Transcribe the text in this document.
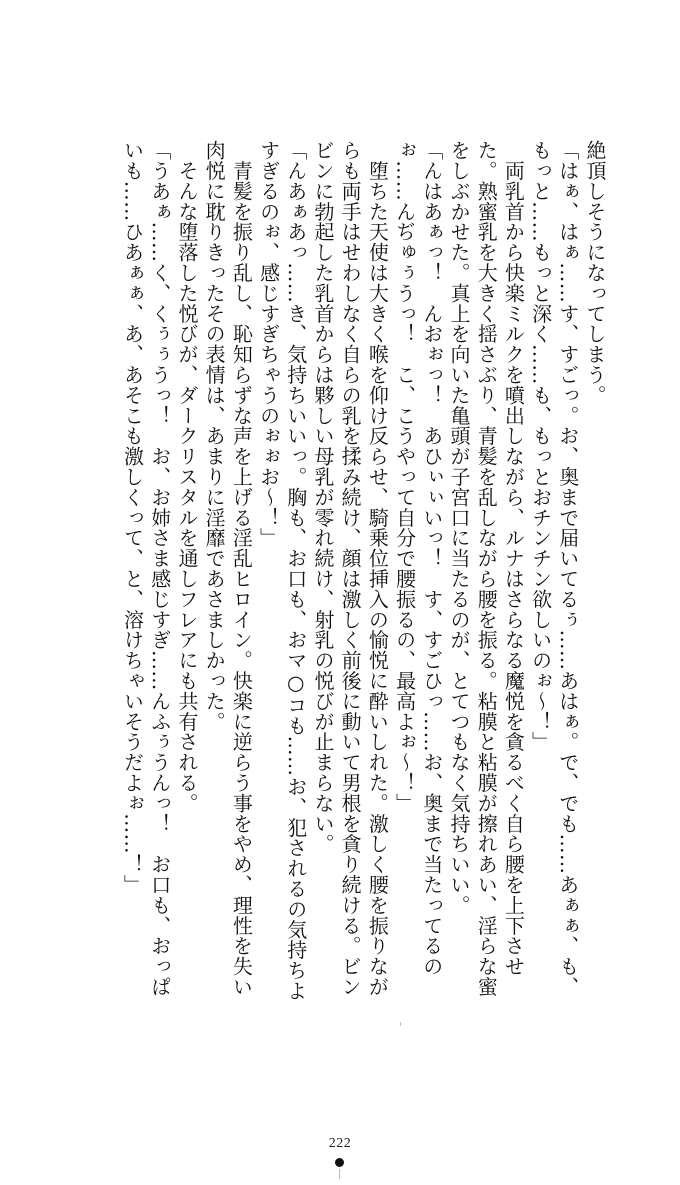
絶頂しそうになってしまう。

「はぁ、はぁ……す、すごっ。お、奥まで届いてるぅ……あはぁ。で、でも……あぁぁ、も、もっと……もっと深く……も、もっとおチンチン欲しいのぉ～！」

　両乳首から快楽ミルクを噴出しながら、ルナはさらなる魔悦を貪るべく自ら腰を上下させた。熟蜜乳を大きく揺さぶり、青髪を乱しながら腰を振る。粘膜と粘膜が擦れあい、淫らな蜜をしぶかせた。真上を向いた亀頭が子宮口に当たるのが、とてつもなく気持ちいい。

「んはあぁっ！　んおぉっ！　あひぃぃいっ！　す、すごひっ……お、奥まで当たってるのぉ……んぢゅぅうっ！　こ、こうやって自分で腰振るの、最高よぉ～！」

　堕ちた天使は大きく喉を仰け反らせ、騎乗位挿入の愉悦に酔いしれた。激しく腰を振りながらも両手はせわしなく自らの乳を揉み続け、顔は激しく前後に動いて男根を貪り続ける。ビンビンに勃起した乳首からは夥しい母乳が零れ続け、射乳の悦びが止まらない。

「んあぁあっ……き、気持ちいいっ。胸も、お口も、おマ○コも……お、犯されるの気持ちよすぎるのぉ、感じすぎちゃうのぉぉお～！」

　青髪を振り乱し、恥知らずな声を上げる淫乱ヒロイン。快楽に逆らう事をやめ、理性を失い肉悦に耽りきったその表情は、あまりに淫靡であさましかった。

　そんな堕落した悦びが、ダークリスタルを通しフレアにも共有される。

「うあぁ……く、くぅぅうっ！　お、お姉さま感じすぎ……んふぅうんっ！　お口も、おっぱいも……ひあぁぁ、あ、あそこも激しくって、と、溶けちゃいそうだよぉ……！」

222
